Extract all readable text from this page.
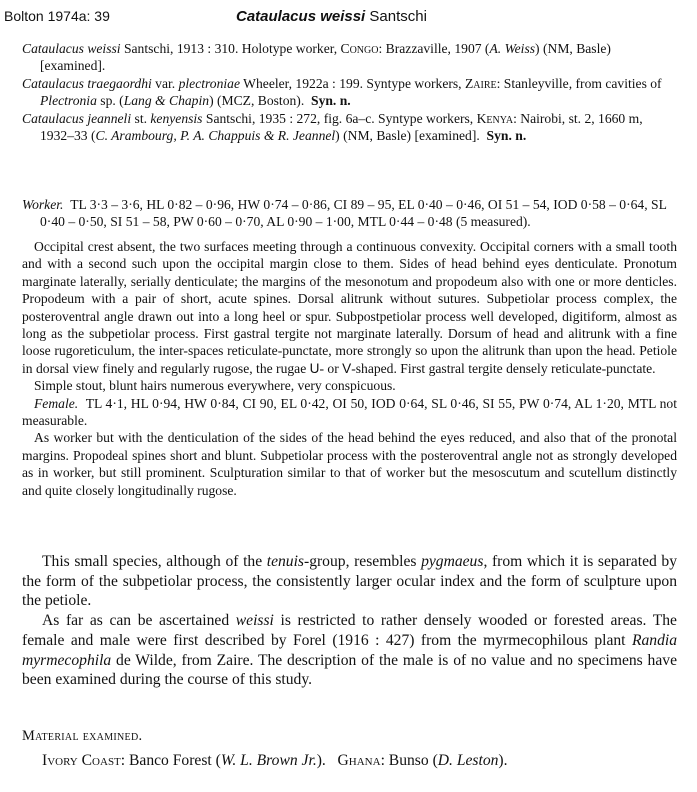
Bolton 1974a: 39	Cataulacus weissi Santschi

Cataulacus weissi Santschi, 1913 : 310. Holotype worker, Congo: Brazzaville, 1907 (A. Weiss) (NM, Basle) [examined].

Cataulacus traegaordhi var. plectroniae Wheeler, 1922a : 199. Syntype workers, Zaire: Stanleyville, from cavities of Plectronia sp. (Lang & Chapin) (MCZ, Boston). Syn. n.

Cataulacus jeanneli st. kenyensis Santschi, 1935 : 272, fig. 6a–c. Syntype workers, Kenya: Nairobi, st. 2, 1660 m, 1932–33 (C. Arambourg, P. A. Chappuis & R. Jeannel) (NM, Basle) [examined]. Syn. n.

Worker. TL 3·3 – 3·6, HL 0·82 – 0·96, HW 0·74 – 0·86, CI 89 – 95, EL 0·40 – 0·46, OI 51 – 54, IOD 0·58 – 0·64, SL 0·40 – 0·50, SI 51 – 58, PW 0·60 – 0·70, AL 0·90 – 1·00, MTL 0·44 – 0·48 (5 measured).

Occipital crest absent, the two surfaces meeting through a continuous convexity. Occipital corners with a small tooth and with a second such upon the occipital margin close to them. Sides of head behind eyes denticulate. Pronotum marginate laterally, serially denticulate; the margins of the mesonotum and propodeum also with one or more denticles. Propodeum with a pair of short, acute spines. Dorsal alitrunk without sutures. Subpetiolar process complex, the posteroventral angle drawn out into a long heel or spur. Subpostpetiolar process well developed, digitiform, almost as long as the subpetiolar process. First gastral tergite not marginate laterally. Dorsum of head and alitrunk with a fine loose rugoreticulum, the inter-spaces reticulate-punctate, more strongly so upon the alitrunk than upon the head. Petiole in dorsal view finely and regularly rugose, the rugae U- or V-shaped. First gastral tergite densely reticulate-punctate.

Simple stout, blunt hairs numerous everywhere, very conspicuous.

Female. TL 4·1, HL 0·94, HW 0·84, CI 90, EL 0·42, OI 50, IOD 0·64, SL 0·46, SI 55, PW 0·74, AL 1·20, MTL not measurable.

As worker but with the denticulation of the sides of the head behind the eyes reduced, and also that of the pronotal margins. Propodeal spines short and blunt. Subpetiolar process with the posteroventral angle not as strongly developed as in worker, but still prominent. Sculpturation similar to that of worker but the mesoscutum and scutellum distinctly and quite closely longitudinally rugose.

This small species, although of the tenuis-group, resembles pygmaeus, from which it is separated by the form of the subpetiolar process, the consistently larger ocular index and the form of sculpture upon the petiole.

As far as can be ascertained weissi is restricted to rather densely wooded or forested areas. The female and male were first described by Forel (1916 : 427) from the myrmecophilous plant Randia myrmecophila de Wilde, from Zaire. The description of the male is of no value and no specimens have been examined during the course of this study.

Material examined.
Ivory Coast: Banco Forest (W. L. Brown Jr.). Ghana: Bunso (D. Leston).
